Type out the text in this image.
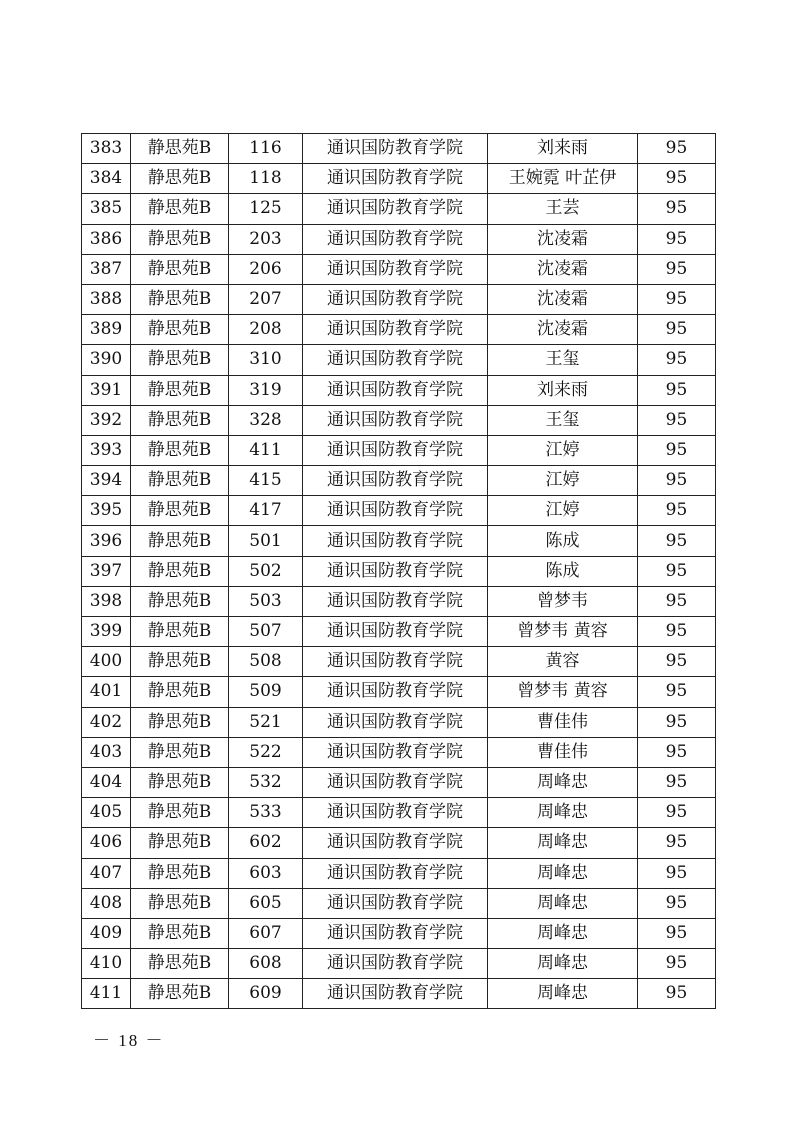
383	静思苑B	116	通识国防教育学院	刘来雨	95
384	静思苑B	118	通识国防教育学院	王婉霓 叶芷伊	95
385	静思苑B	125	通识国防教育学院	王芸	95
386	静思苑B	203	通识国防教育学院	沈凌霜	95
387	静思苑B	206	通识国防教育学院	沈凌霜	95
388	静思苑B	207	通识国防教育学院	沈凌霜	95
389	静思苑B	208	通识国防教育学院	沈凌霜	95
390	静思苑B	310	通识国防教育学院	王玺	95
391	静思苑B	319	通识国防教育学院	刘来雨	95
392	静思苑B	328	通识国防教育学院	王玺	95
393	静思苑B	411	通识国防教育学院	江婷	95
394	静思苑B	415	通识国防教育学院	江婷	95
395	静思苑B	417	通识国防教育学院	江婷	95
396	静思苑B	501	通识国防教育学院	陈成	95
397	静思苑B	502	通识国防教育学院	陈成	95
398	静思苑B	503	通识国防教育学院	曾梦韦	95
399	静思苑B	507	通识国防教育学院	曾梦韦 黄容	95
400	静思苑B	508	通识国防教育学院	黄容	95
401	静思苑B	509	通识国防教育学院	曾梦韦 黄容	95
402	静思苑B	521	通识国防教育学院	曹佳伟	95
403	静思苑B	522	通识国防教育学院	曹佳伟	95
404	静思苑B	532	通识国防教育学院	周峰忠	95
405	静思苑B	533	通识国防教育学院	周峰忠	95
406	静思苑B	602	通识国防教育学院	周峰忠	95
407	静思苑B	603	通识国防教育学院	周峰忠	95
408	静思苑B	605	通识国防教育学院	周峰忠	95
409	静思苑B	607	通识国防教育学院	周峰忠	95
410	静思苑B	608	通识国防教育学院	周峰忠	95
411	静思苑B	609	通识国防教育学院	周峰忠	95
－ 18 －
